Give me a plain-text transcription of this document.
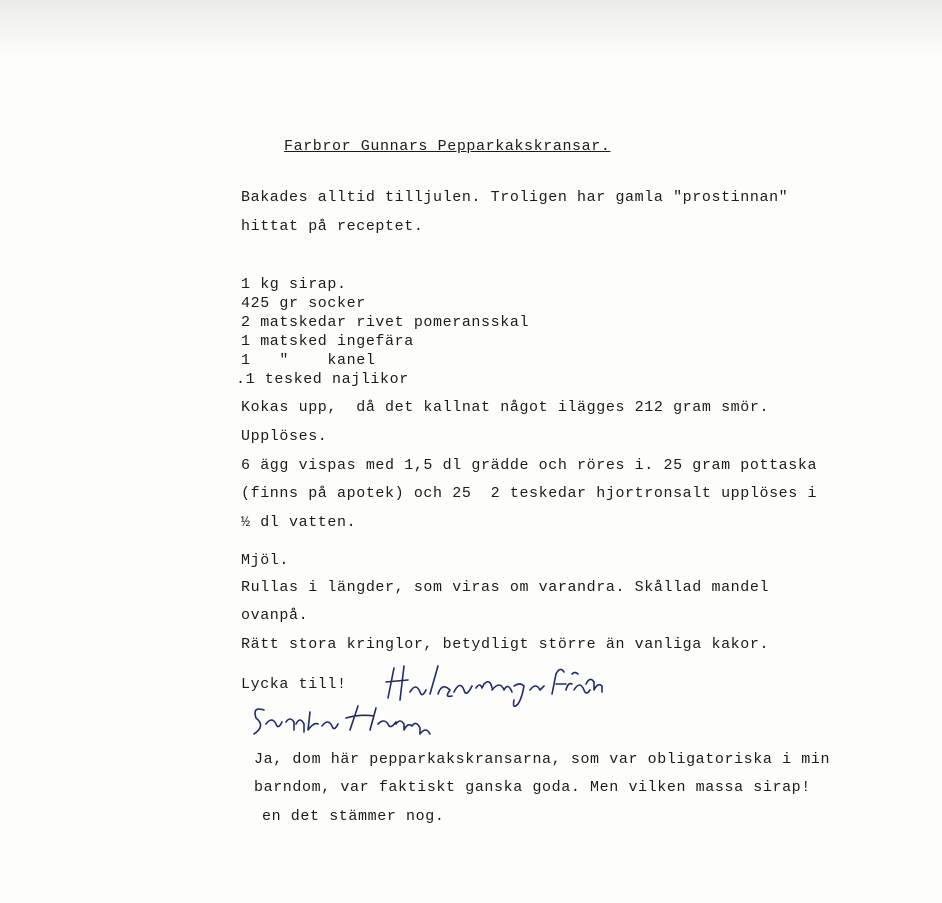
Farbror Gunnars Pepparkakskransar.
Bakades alltid tilljulen. Troligen har gamla "prostinnan"
hittat på receptet.
1 kg sirap.
425 gr socker
2 matskedar rivet pomeransskal
1 matsked ingefära
1   "    kanel
.1 tesked najlikor
Kokas upp,  då det kallnat något ilägges 212 gram smör.
Upplöses.
6 ägg vispas med 1,5 dl grädde och röres i. 25 gram pottaska
(finns på apotek) och 25  2 teskedar hjortronsalt upplöses i
½ dl vatten.
Mjöl.
Rullas i längder, som viras om varandra. Skållad mandel
ovanpå.
Rätt stora kringlor, betydligt större än vanliga kakor.
Lycka till!
Ja, dom här pepparkakskransarna, som var obligatoriska i min
barndom, var faktiskt ganska goda. Men vilken massa sirap!
en det stämmer nog.
